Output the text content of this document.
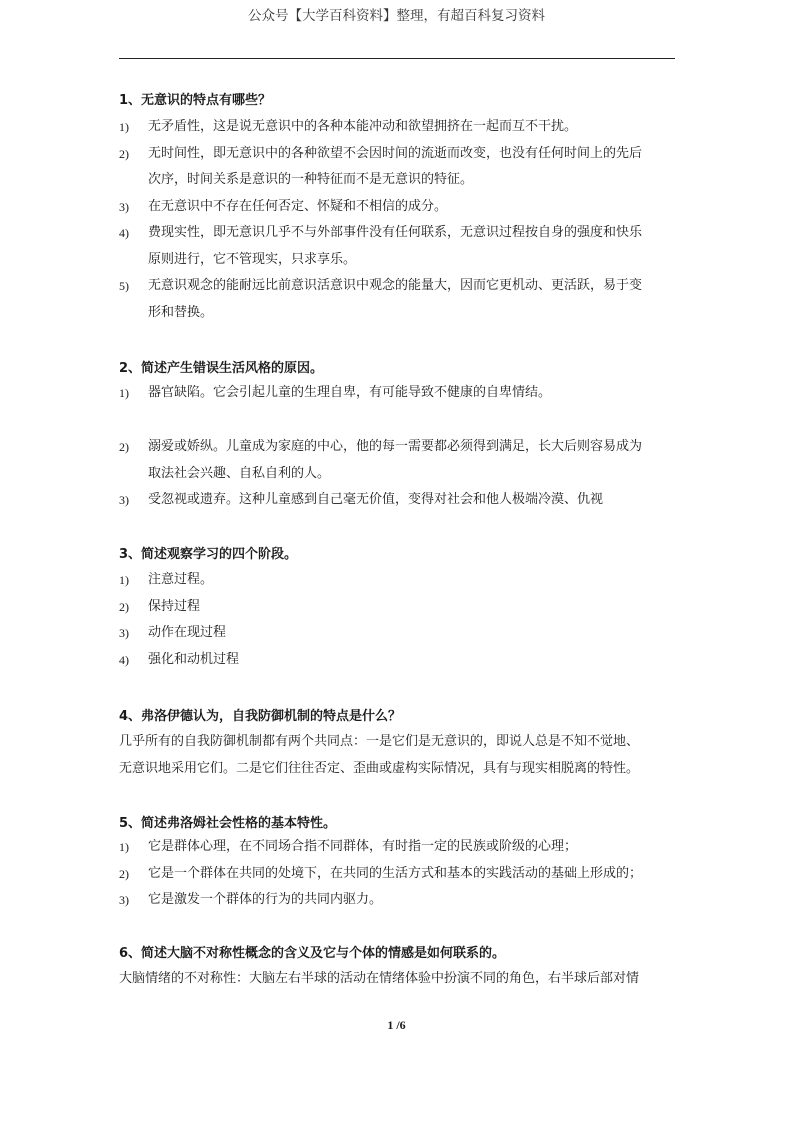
公众号【大学百科资料】整理，有超百科复习资料
1、无意识的特点有哪些？
1) 无矛盾性，这是说无意识中的各种本能冲动和欲望拥挤在一起而互不干扰。
2) 无时间性，即无意识中的各种欲望不会因时间的流逝而改变，也没有任何时间上的先后
次序，时间关系是意识的一种特征而不是无意识的特征。
3) 在无意识中不存在任何否定、怀疑和不相信的成分。
4) 费现实性，即无意识几乎不与外部事件没有任何联系，无意识过程按自身的强度和快乐
原则进行，它不管现实，只求享乐。
5) 无意识观念的能耐远比前意识活意识中观念的能量大，因而它更机动、更活跃，易于变
形和替换。
2、简述产生错误生活风格的原因。
1) 器官缺陷。它会引起儿童的生理自卑，有可能导致不健康的自卑情结。
2) 溺爱或娇纵。儿童成为家庭的中心，他的每一需要都必须得到满足，长大后则容易成为
取法社会兴趣、自私自利的人。
3) 受忽视或遗弃。这种儿童感到自己毫无价值，变得对社会和他人极端冷漠、仇视
3、简述观察学习的四个阶段。
1) 注意过程。
2) 保持过程
3) 动作在现过程
4) 强化和动机过程
4、弗洛伊德认为，自我防御机制的特点是什么？
几乎所有的自我防御机制都有两个共同点：一是它们是无意识的，即说人总是不知不觉地、
无意识地采用它们。二是它们往往否定、歪曲或虚构实际情况，具有与现实相脱离的特性。
5、简述弗洛姆社会性格的基本特性。
1) 它是群体心理，在不同场合指不同群体，有时指一定的民族或阶级的心理；
2) 它是一个群体在共同的处境下，在共同的生活方式和基本的实践活动的基础上形成的；
3) 它是激发一个群体的行为的共同内驱力。
6、简述大脑不对称性概念的含义及它与个体的情感是如何联系的。
大脑情绪的不对称性：大脑左右半球的活动在情绪体验中扮演不同的角色，右半球后部对情
1 /6
